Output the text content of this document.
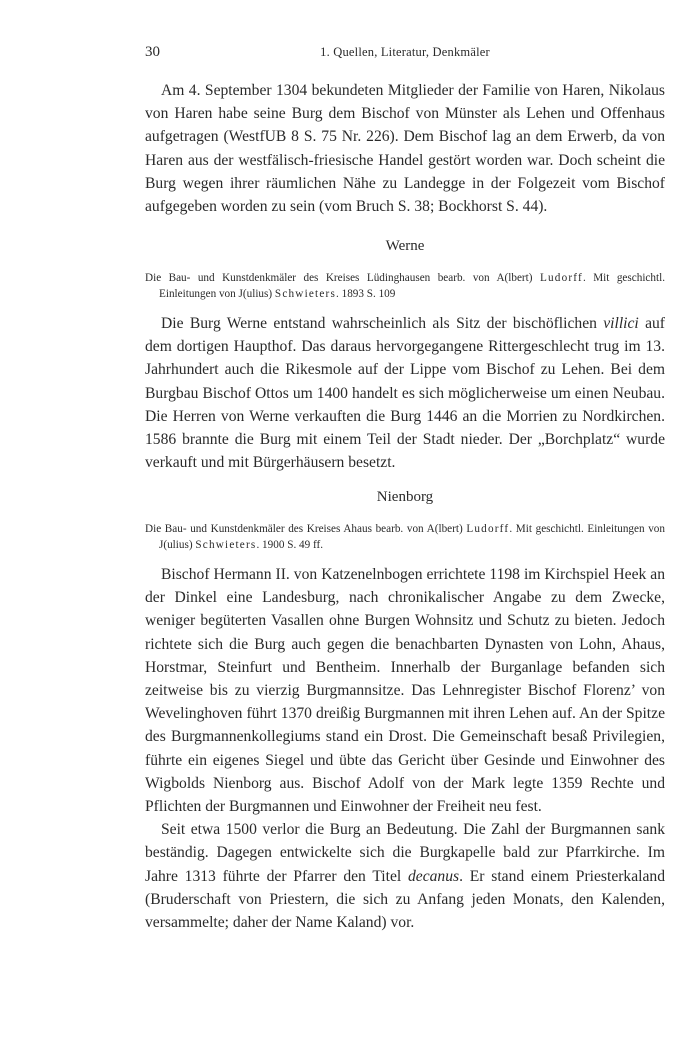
30	1. Quellen, Literatur, Denkmäler

Am 4. September 1304 bekundeten Mitglieder der Familie von Haren, Nikolaus von Haren habe seine Burg dem Bischof von Münster als Lehen und Offenhaus aufgetragen (WestfUB 8 S. 75 Nr. 226). Dem Bischof lag an dem Erwerb, da von Haren aus der westfälisch-friesische Handel gestört worden war. Doch scheint die Burg wegen ihrer räumlichen Nähe zu Landegge in der Folgezeit vom Bischof aufgegeben worden zu sein (vom Bruch S. 38; Bockhorst S. 44).

Werne

Die Bau- und Kunstdenkmäler des Kreises Lüdinghausen bearb. von A(lbert) Ludorff. Mit geschichtl. Einleitungen von J(ulius) Schwieters. 1893 S. 109

Die Burg Werne entstand wahrscheinlich als Sitz der bischöflichen villici auf dem dortigen Haupthof. Das daraus hervorgegangene Rittergeschlecht trug im 13. Jahrhundert auch die Rikesmole auf der Lippe vom Bischof zu Lehen. Bei dem Burgbau Bischof Ottos um 1400 handelt es sich möglicherweise um einen Neubau. Die Herren von Werne verkauften die Burg 1446 an die Morrien zu Nordkirchen. 1586 brannte die Burg mit einem Teil der Stadt nieder. Der „Borchplatz“ wurde verkauft und mit Bürgerhäusern besetzt.

Nienborg

Die Bau- und Kunstdenkmäler des Kreises Ahaus bearb. von A(lbert) Ludorff. Mit geschichtl. Einleitungen von J(ulius) Schwieters. 1900 S. 49 ff.

Bischof Hermann II. von Katzenelnbogen errichtete 1198 im Kirchspiel Heek an der Dinkel eine Landesburg, nach chronikalischer Angabe zu dem Zwecke, weniger begüterten Vasallen ohne Burgen Wohnsitz und Schutz zu bieten. Jedoch richtete sich die Burg auch gegen die benachbarten Dynasten von Lohn, Ahaus, Horstmar, Steinfurt und Bentheim. Innerhalb der Burganlage befanden sich zeitweise bis zu vierzig Burgmannsitze. Das Lehnregister Bischof Florenz’ von Wevelinghoven führt 1370 dreißig Burgmannen mit ihren Lehen auf. An der Spitze des Burgmannenkollegiums stand ein Drost. Die Gemeinschaft besaß Privilegien, führte ein eigenes Siegel und übte das Gericht über Gesinde und Einwohner des Wigbolds Nienborg aus. Bischof Adolf von der Mark legte 1359 Rechte und Pflichten der Burgmannen und Einwohner der Freiheit neu fest.

Seit etwa 1500 verlor die Burg an Bedeutung. Die Zahl der Burgmannen sank beständig. Dagegen entwickelte sich die Burgkapelle bald zur Pfarrkirche. Im Jahre 1313 führte der Pfarrer den Titel decanus. Er stand einem Priesterkaland (Bruderschaft von Priestern, die sich zu Anfang jeden Monats, den Kalenden, versammelte; daher der Name Kaland) vor.
